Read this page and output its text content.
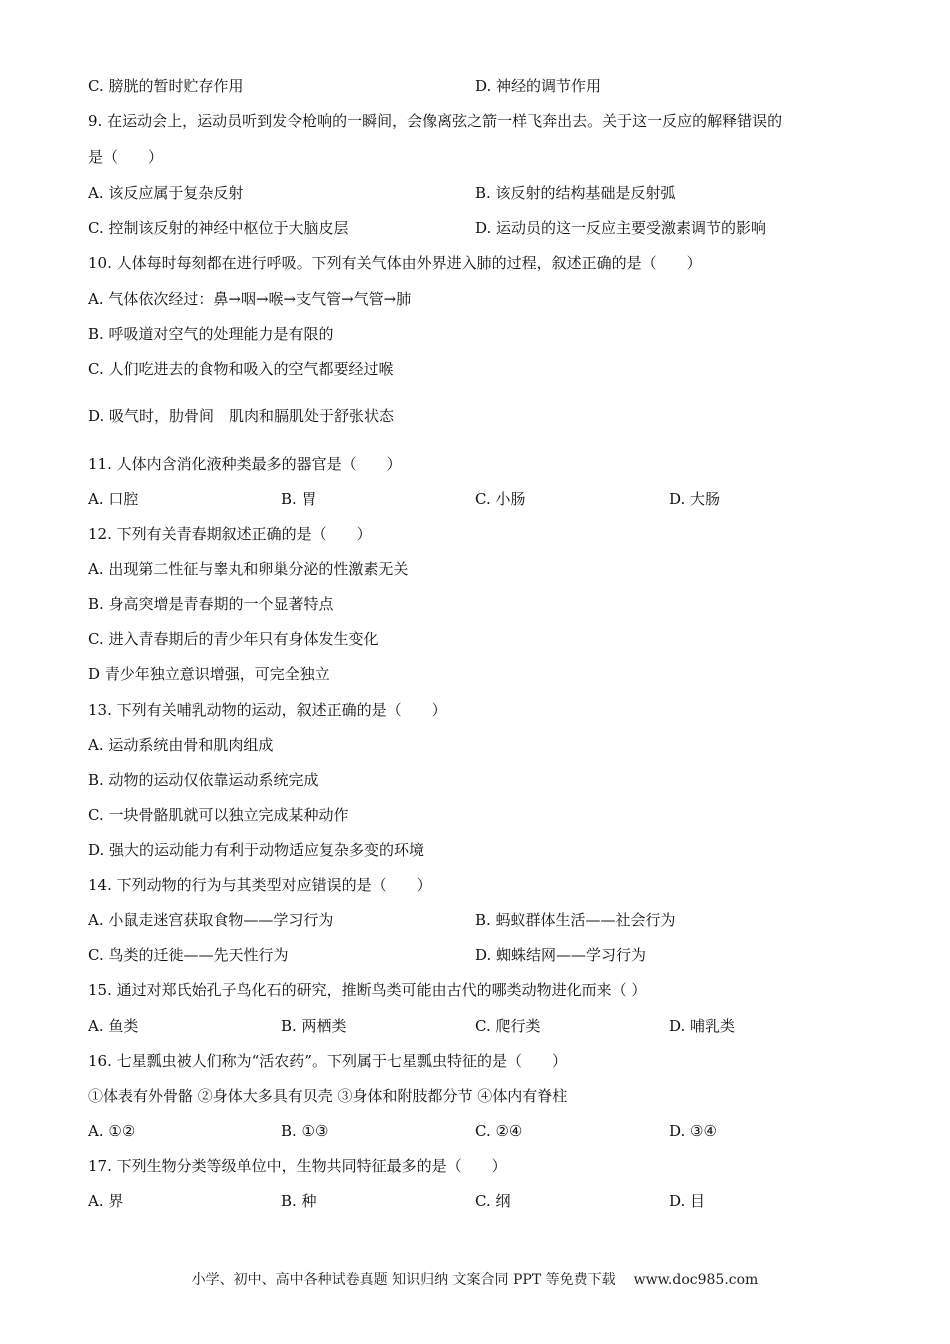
C. 膀胱的暂时贮存作用	D. 神经的调节作用
9. 在运动会上，运动员听到发令枪响的一瞬间，会像离弦之箭一样飞奔出去。关于这一反应的解释错误的
是（　　）
A. 该反应属于复杂反射	B. 该反射的结构基础是反射弧
C. 控制该反射的神经中枢位于大脑皮层	D. 运动员的这一反应主要受激素调节的影响
10. 人体每时每刻都在进行呼吸。下列有关气体由外界进入肺的过程，叙述正确的是（　　）
A. 气体依次经过：鼻→咽→喉→支气管→气管→肺
B. 呼吸道对空气的处理能力是有限的
C. 人们吃进去的食物和吸入的空气都要经过喉
D. 吸气时，肋骨间　肌肉和膈肌处于舒张状态
11. 人体内含消化液种类最多的器官是（　　）
A. 口腔	B. 胃	C. 小肠	D. 大肠
12. 下列有关青春期叙述正确的是（　　）
A. 出现第二性征与睾丸和卵巢分泌的性激素无关
B. 身高突增是青春期的一个显著特点
C. 进入青春期后的青少年只有身体发生变化
D 青少年独立意识增强，可完全独立
13. 下列有关哺乳动物的运动，叙述正确的是（　　）
A. 运动系统由骨和肌肉组成
B. 动物的运动仅依靠运动系统完成
C. 一块骨骼肌就可以独立完成某种动作
D. 强大的运动能力有利于动物适应复杂多变的环境
14. 下列动物的行为与其类型对应错误的是（　　）
A. 小鼠走迷宫获取食物——学习行为	B. 蚂蚁群体生活——社会行为
C. 鸟类的迁徙——先天性行为	D. 蜘蛛结网——学习行为
15. 通过对郑氏始孔子鸟化石的研究，推断鸟类可能由古代的哪类动物进化而来（ ）
A. 鱼类	B. 两栖类	C. 爬行类	D. 哺乳类
16. 七星瓢虫被人们称为“活农药”。下列属于七星瓢虫特征的是（　　）
①体表有外骨骼 ②身体大多具有贝壳 ③身体和附肢都分节 ④体内有脊柱
A. ①②	B. ①③	C. ②④	D. ③④
17. 下列生物分类等级单位中，生物共同特征最多的是（　　）
A. 界	B. 种	C. 纲	D. 目
小学、初中、高中各种试卷真题 知识归纳 文案合同 PPT 等免费下载 www.doc985.com
